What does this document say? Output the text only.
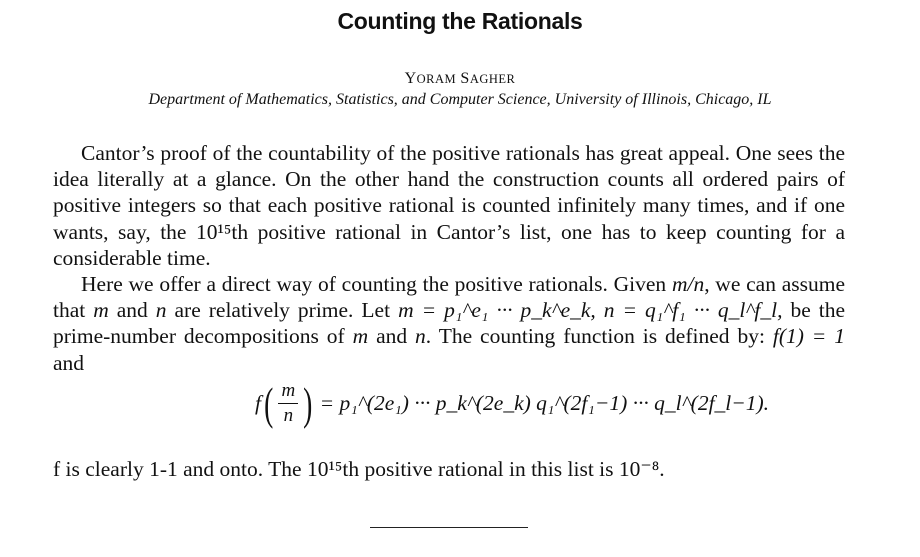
Counting the Rationals
YORAM SAGHER
Department of Mathematics, Statistics, and Computer Science, University of Illinois, Chicago, IL

Cantor’s proof of the countability of the positive rationals has great appeal. One sees the idea literally at a glance. On the other hand the construction counts all ordered pairs of positive integers so that each positive rational is counted infinitely many times, and if one wants, say, the 10¹⁵th positive rational in Cantor’s list, one has to keep counting for a considerable time.

Here we offer a direct way of counting the positive rationals. Given m/n, we can assume that m and n are relatively prime. Let m = p₁^e₁ ··· p_k^e_k, n = q₁^f₁ ··· q_l^f_l, be the prime-number decompositions of m and n. The counting function is defined by: f(1) = 1 and

f ( $\frac{m}{n}$ ) = p₁^(2e₁) ··· p_k^(2e_k) q₁^(2f₁−1) ··· q_l^(2f_l−1).
f is clearly 1-1 and onto. The 10¹⁵th positive rational in this list is 10⁻⁸.
